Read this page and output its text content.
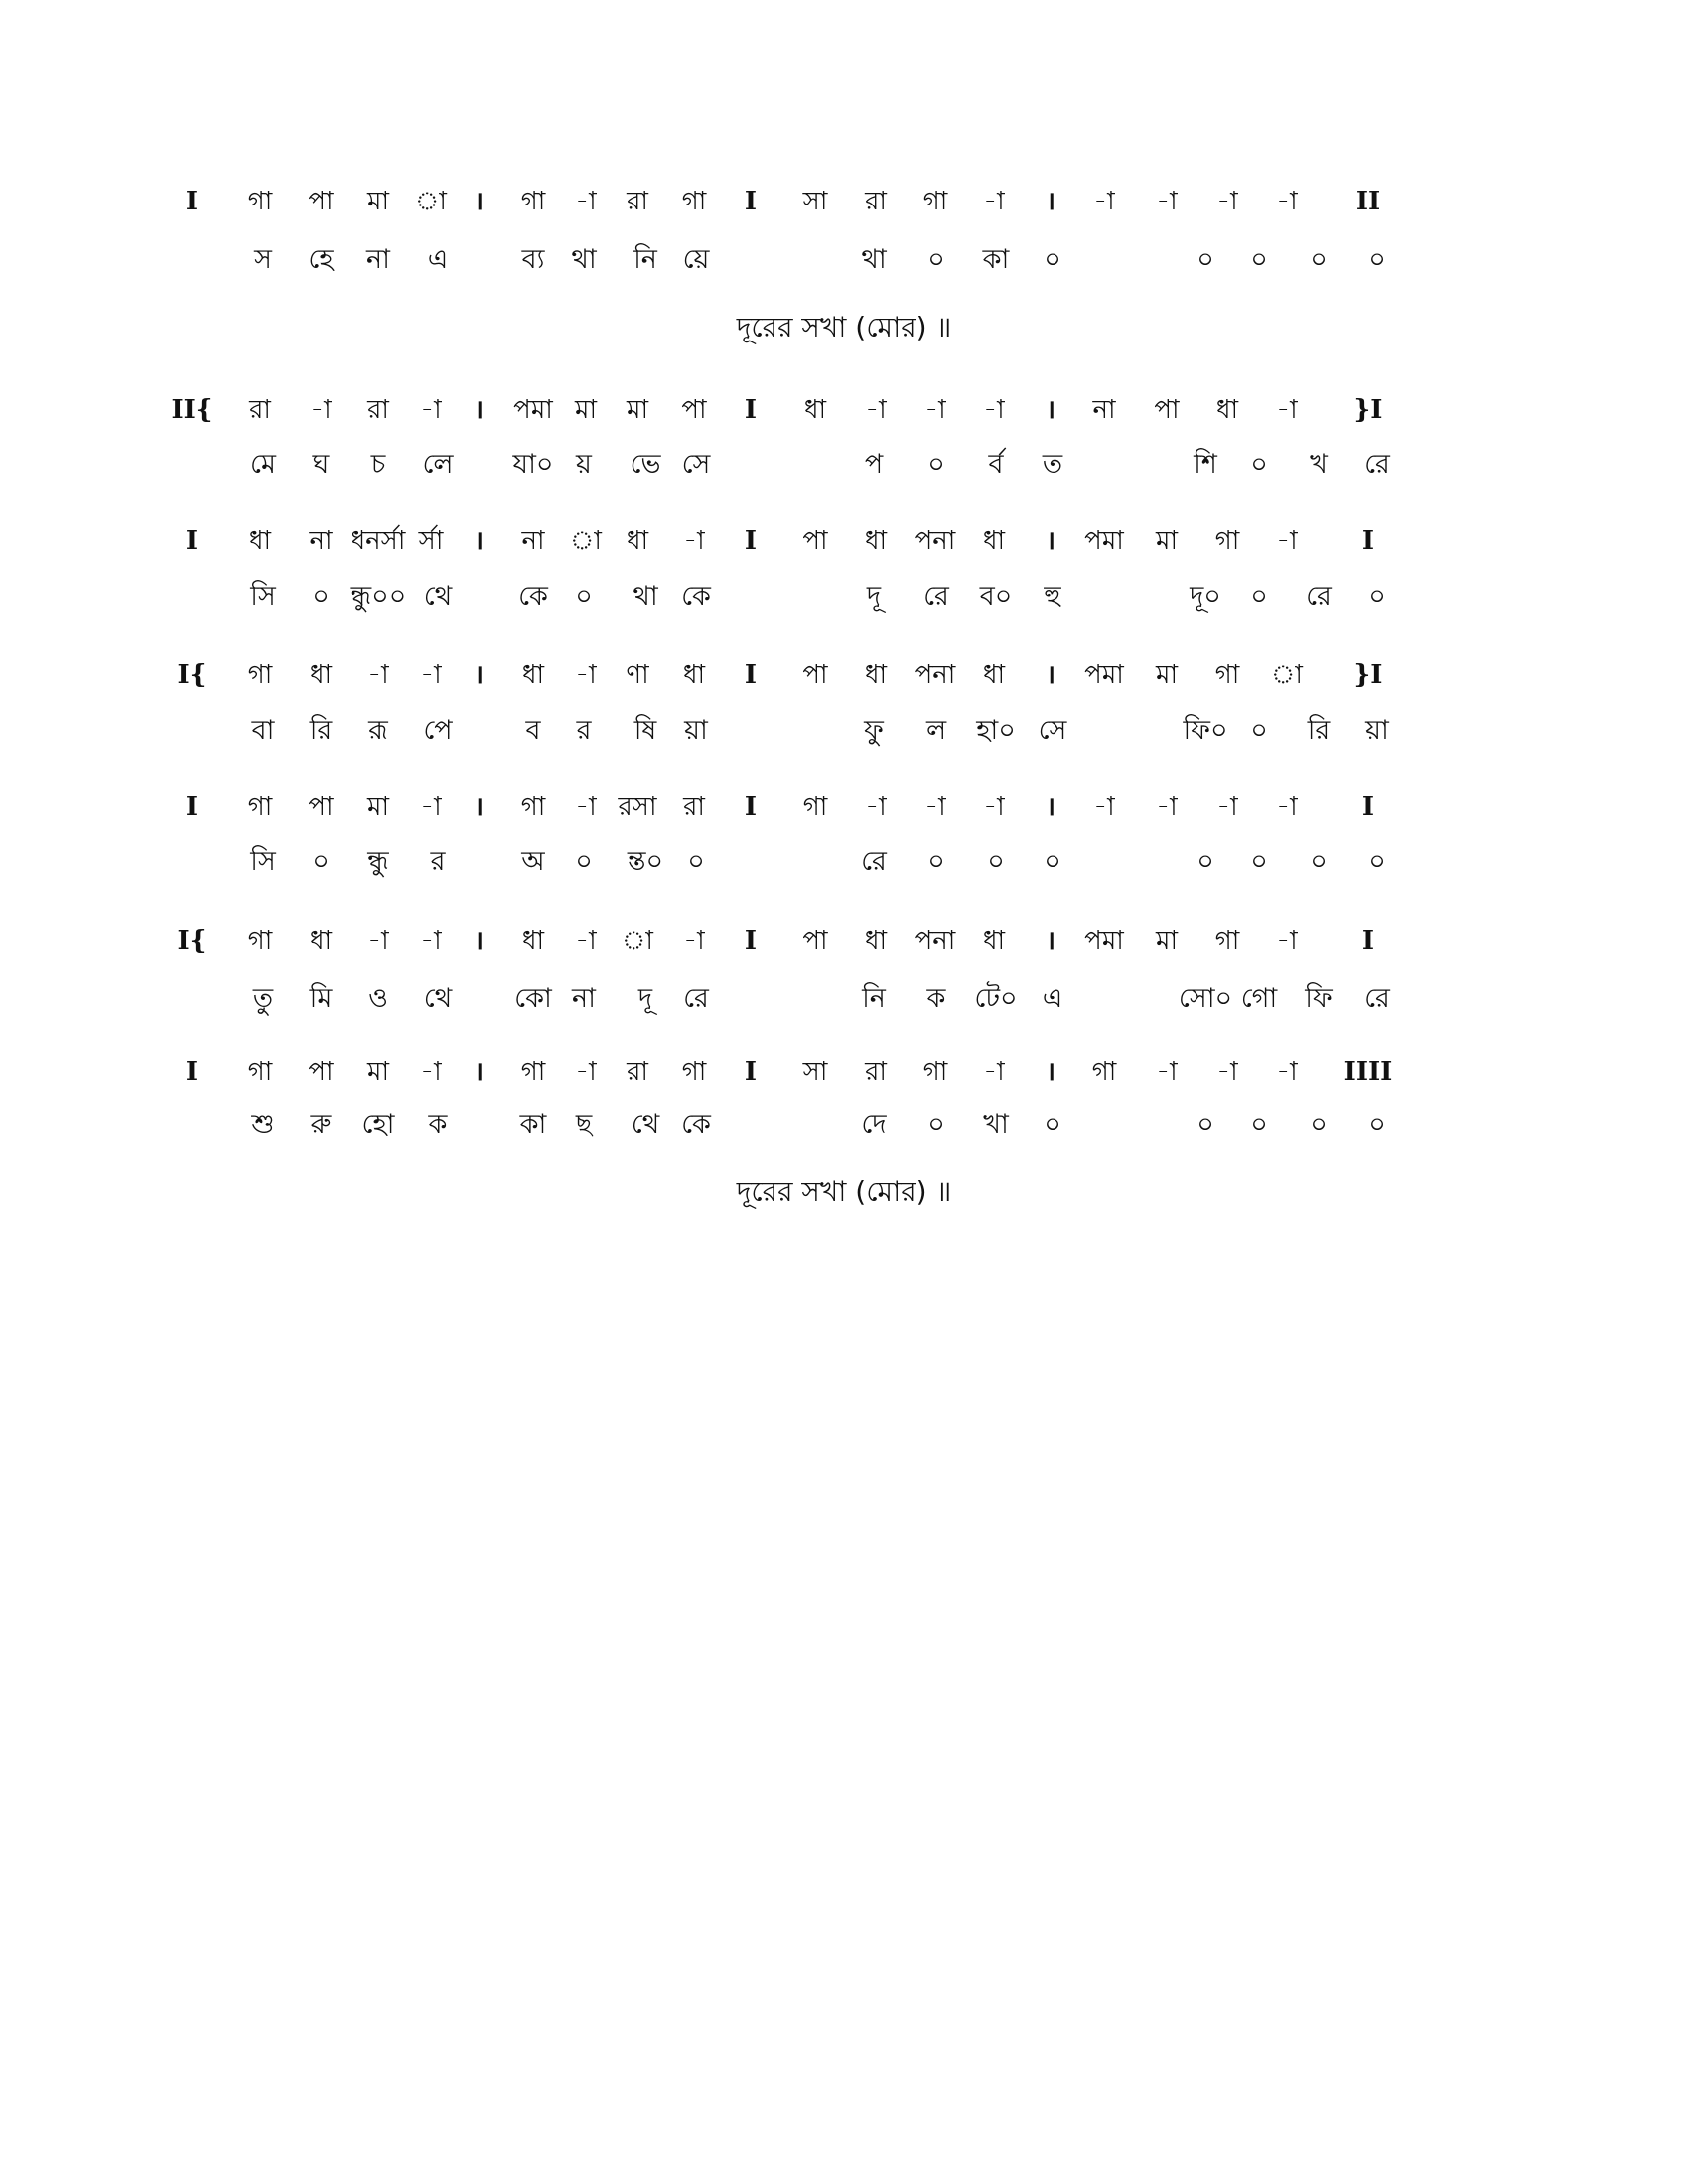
I গা পা মা া । গা -া রা গা I সা রা গা -া । -া -া -া -া II
স হে না এ	ব্য থা নি য়ে	থা ০ কা ০	০ ০ ০ ০
দূরের সখা (মোর) ॥
II{ রা -া রা -া । পমা মা মা পা I ধা -া -া -া । না পা ধা -া }I
মে ঘ চ লে যা০ য় ভে সে	প ০ র্ব ত	শি ০ খ রে
I ধা না ধনর্সা র্সা । না া ধা -া I পা ধা পনা ধা । পমা মা গা -া	I
সি ০ ন্ধু০০ থে কে ০ থা কে	দূ রে ব০ হু	দূ০ ০ রে ০
I{ গা ধা -া -া । ধা -া ণা ধা I পা ধা পনা ধা । পমা মা গা া }I
বা রি রূ পে	ব র ষি য়া	ফু ল হা০ সে	ফি০ ০ রি য়া
I গা পা মা -া । গা -া রসা রা I গা -া -া -া । -া -া -া -া	I
সি ০ ন্ধু র	অ ০ ন্ত০ ০	রে ০ ০ ০	০ ০ ০ ০
I{ গা ধা -া -া । ধা -া া -া I পা ধা পনা ধা । পমা মা গা -া	I
তু মি ও থে কো না দূ রে	নি ক টে০ এ	সো০ গো ফি রে
I গা পা মা -া । গা -া রা গা I সা রা গা -া । গা -া -া -া IIII
শু রু হো ক	কা ছ থে কে	দে ০ খা ০	০ ০ ০ ০
দূরের সখা (মোর) ॥
